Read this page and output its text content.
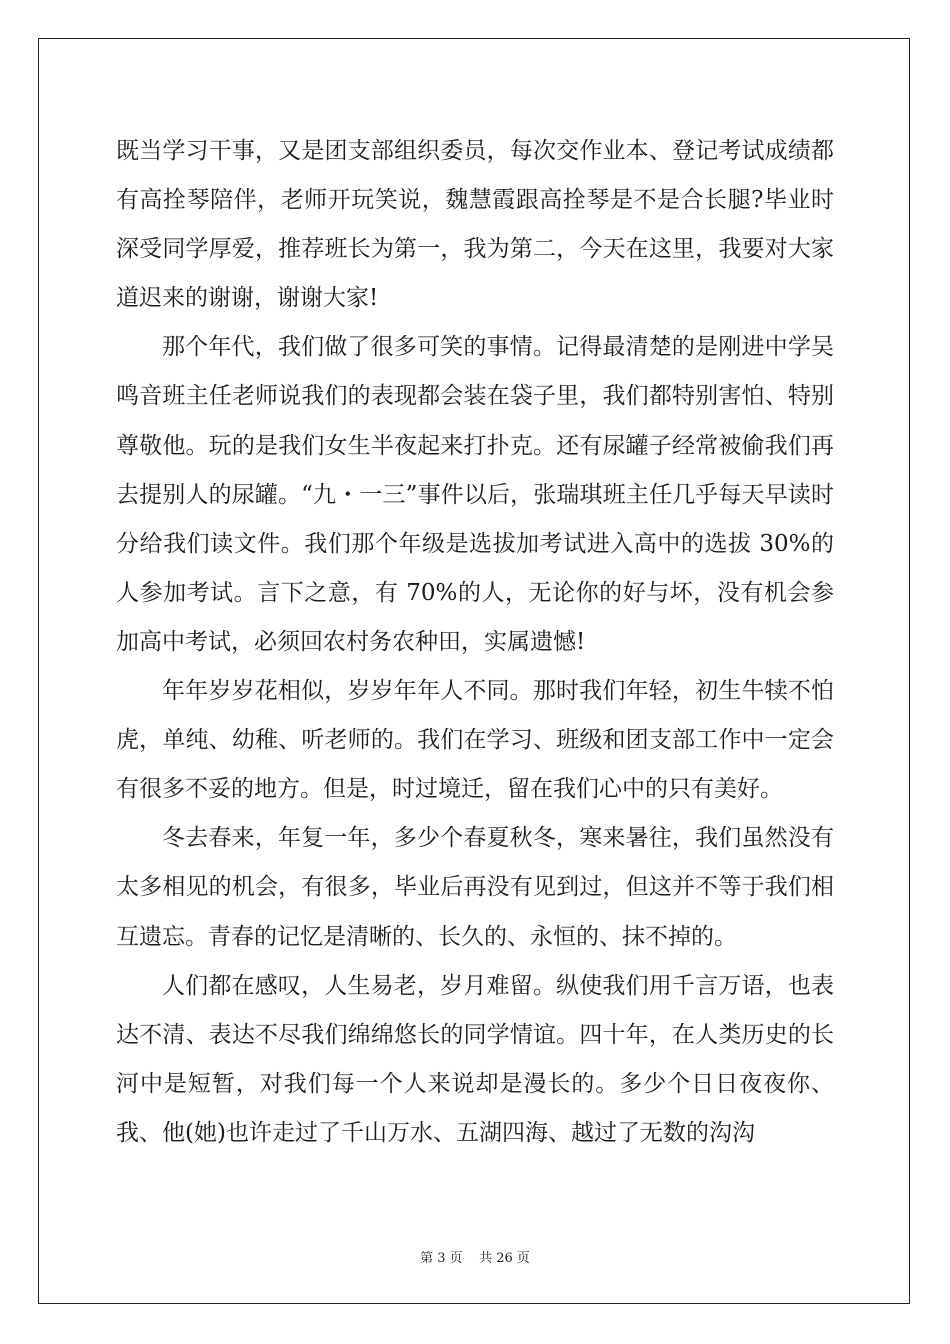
既当学习干事，又是团支部组织委员，每次交作业本、登记考试成绩都有高拴琴陪伴，老师开玩笑说，魏慧霞跟高拴琴是不是合长腿?毕业时深受同学厚爱，推荐班长为第一，我为第二，今天在这里，我要对大家道迟来的谢谢，谢谢大家!

那个年代，我们做了很多可笑的事情。记得最清楚的是刚进中学吴鸣音班主任老师说我们的表现都会装在袋子里，我们都特别害怕、特别尊敬他。玩的是我们女生半夜起来打扑克。还有尿罐子经常被偷我们再去提别人的尿罐。“九・一三”事件以后，张瑞琪班主任几乎每天早读时分给我们读文件。我们那个年级是选拔加考试进入高中的选拔 30%的人参加考试。言下之意，有 70%的人，无论你的好与坏，没有机会参加高中考试，必须回农村务农种田，实属遗憾!

年年岁岁花相似，岁岁年年人不同。那时我们年轻，初生牛犊不怕虎，单纯、幼稚、听老师的。我们在学习、班级和团支部工作中一定会有很多不妥的地方。但是，时过境迁，留在我们心中的只有美好。

冬去春来，年复一年，多少个春夏秋冬，寒来暑往，我们虽然没有太多相见的机会，有很多，毕业后再没有见到过，但这并不等于我们相互遗忘。青春的记忆是清晰的、长久的、永恒的、抹不掉的。

人们都在感叹，人生易老，岁月难留。纵使我们用千言万语，也表达不清、表达不尽我们绵绵悠长的同学情谊。四十年，在人类历史的长河中是短暂，对我们每一个人来说却是漫长的。多少个日日夜夜你、我、他(她)也许走过了千山万水、五湖四海、越过了无数的沟沟

第 3 页    共 26 页
